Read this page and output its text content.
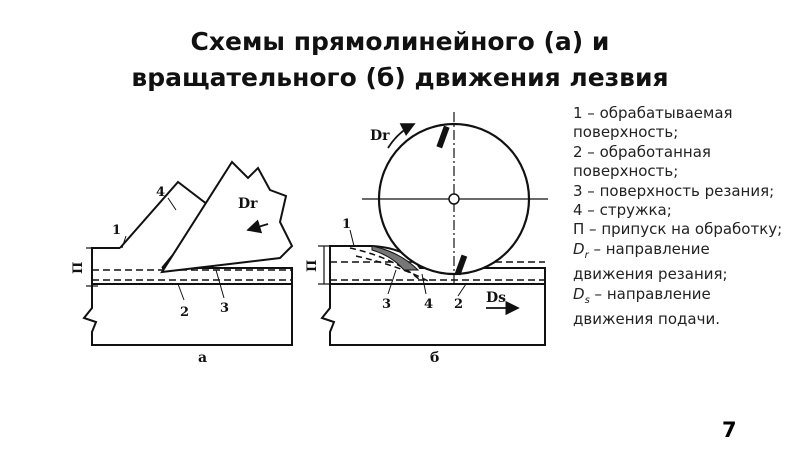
Схемы прямолинейного (а) и
вращательного (б) движения лезвия
1
4
2 3
Dr
П
а
1
3	4 2 Ds
Dr
П
б

1 – обрабатываемая поверхность;

2 – обработанная поверхность;

3 – поверхность резания;

4 – стружка;

П – припуск на обработку;

$D_r$ – направление движения резания;

$D_s$ – направление движения подачи.

7
